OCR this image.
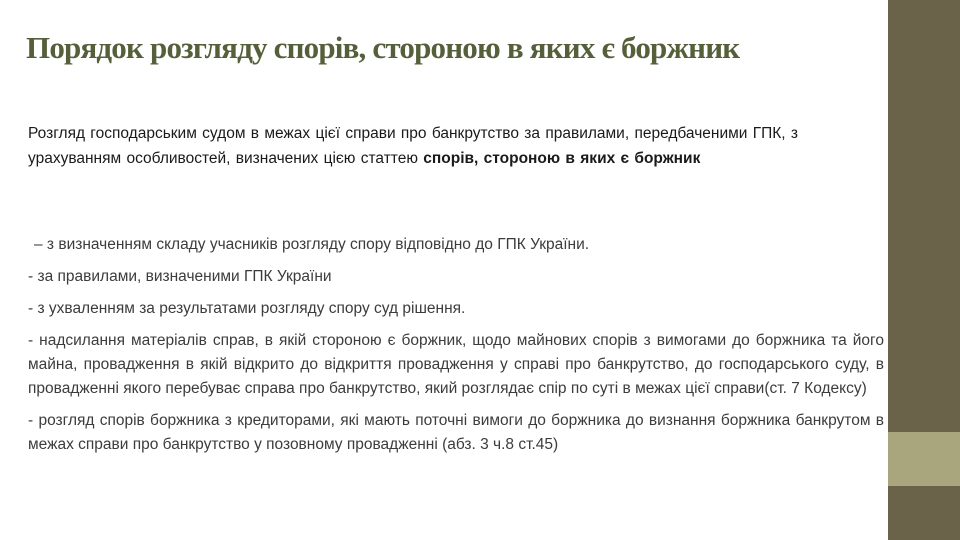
Порядок розгляду спорів, стороною в яких є боржник

Розгляд господарським судом в межах цієї справи про банкрутство за правилами, передбаченими ГПК, з урахуванням особливостей, визначених цією статтею спорів, стороною в яких є боржник

– з визначенням складу учасників розгляду спору відповідно до ГПК України.
- за правилами, визначеними ГПК України
- з ухваленням за результатами розгляду спору суд рішення.
- надсилання матеріалів справ, в якій стороною є боржник, щодо майнових спорів з вимогами до боржника та його майна, провадження в якій відкрито до відкриття провадження у справі про банкрутство, до господарського суду, в провадженні якого перебуває справа про банкрутство, який розглядає спір по суті в межах цієї справи(ст. 7 Кодексу)
- розгляд спорів боржника з кредиторами, які мають поточні вимоги до боржника до визнання боржника банкрутом в межах справи про банкрутство у позовному провадженні (абз. 3 ч.8 ст.45)
